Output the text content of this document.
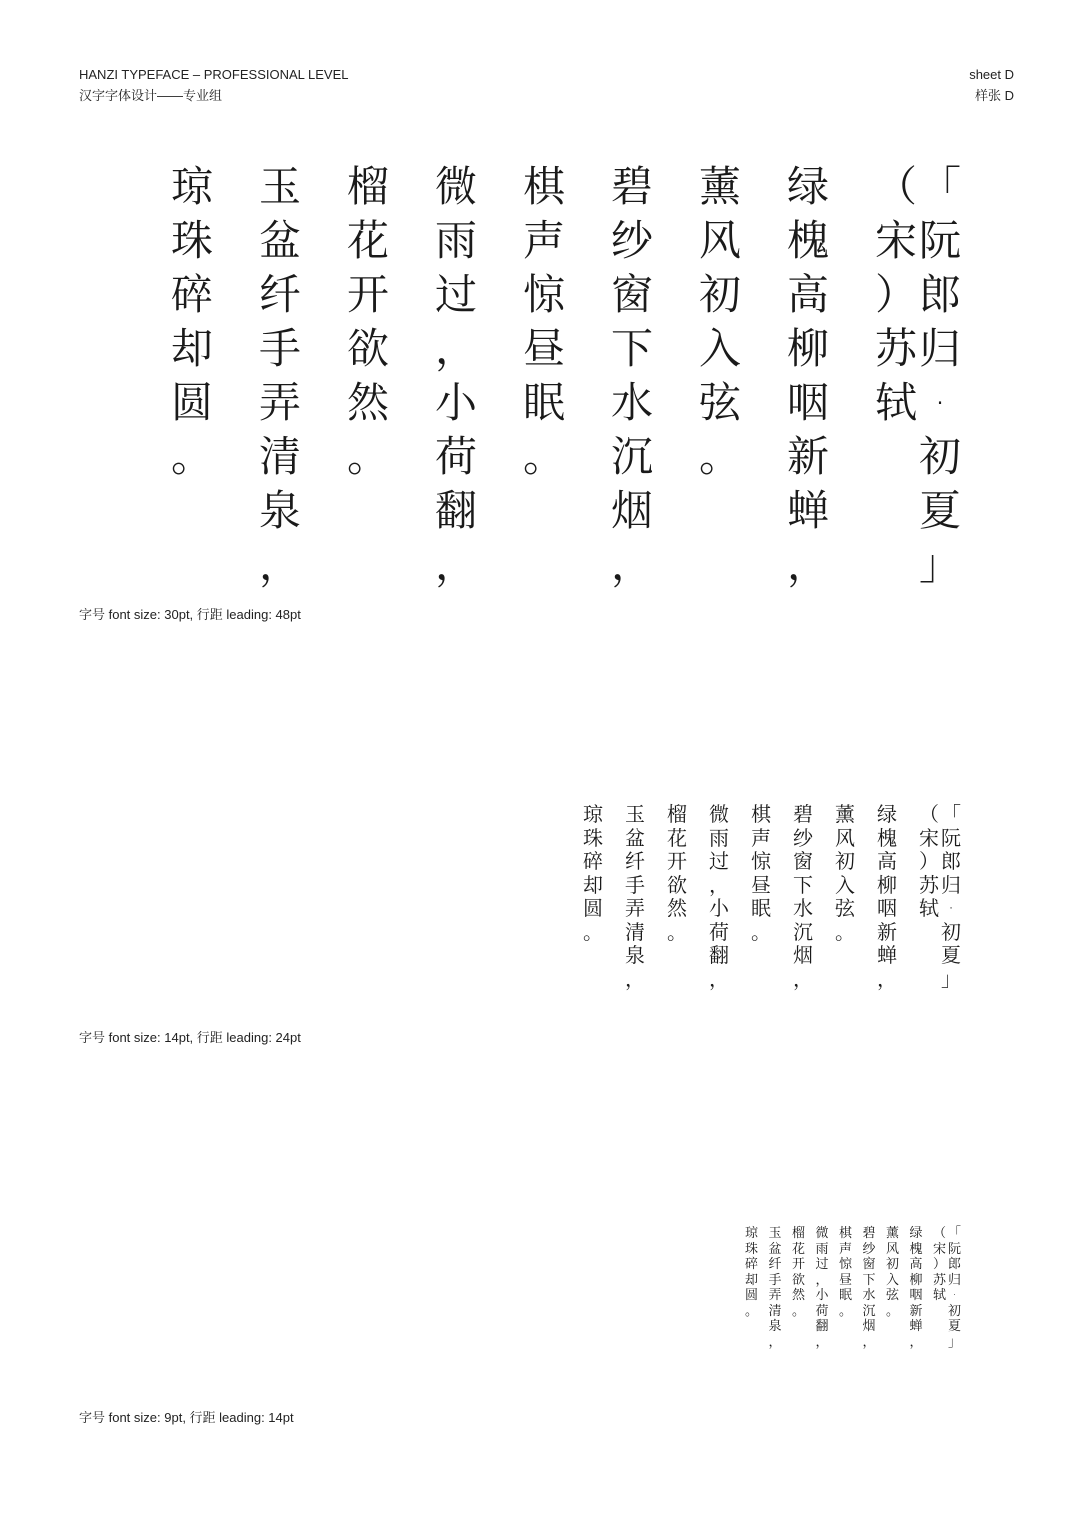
HANZI TYPEFACE – PROFESSIONAL LEVEL
汉字字体设计——专业组
sheet D
样张 D
「
阮
郎
归
·
初
夏
」
（
宋
）
苏
轼
绿
槐
高
柳
咽
新
蝉
，
薰
风
初
入
弦
。
碧
纱
窗
下
水
沉
烟
，
棋
声
惊
昼
眠
。
微
雨
过
，
小
荷
翻
，
榴
花
开
欲
然
。
玉
盆
纤
手
弄
清
泉
，
琼
珠
碎
却
圆
。
字号 font size: 30pt, 行距 leading: 48pt
「
阮
郎
归
·
初
夏
」
（
宋
）
苏
轼
绿
槐
高
柳
咽
新
蝉
，
薰
风
初
入
弦
。
碧
纱
窗
下
水
沉
烟
，
棋
声
惊
昼
眠
。
微
雨
过
，
小
荷
翻
，
榴
花
开
欲
然
。
玉
盆
纤
手
弄
清
泉
，
琼
珠
碎
却
圆
。
字号 font size: 14pt, 行距 leading: 24pt
「
阮
郎
归
·
初
夏
」
（
宋
）
苏
轼
绿
槐
高
柳
咽
新
蝉
，
薰
风
初
入
弦
。
碧
纱
窗
下
水
沉
烟
，
棋
声
惊
昼
眠
。
微
雨
过
，
小
荷
翻
，
榴
花
开
欲
然
。
玉
盆
纤
手
弄
清
泉
，
琼
珠
碎
却
圆
。
字号 font size: 9pt, 行距 leading: 14pt
